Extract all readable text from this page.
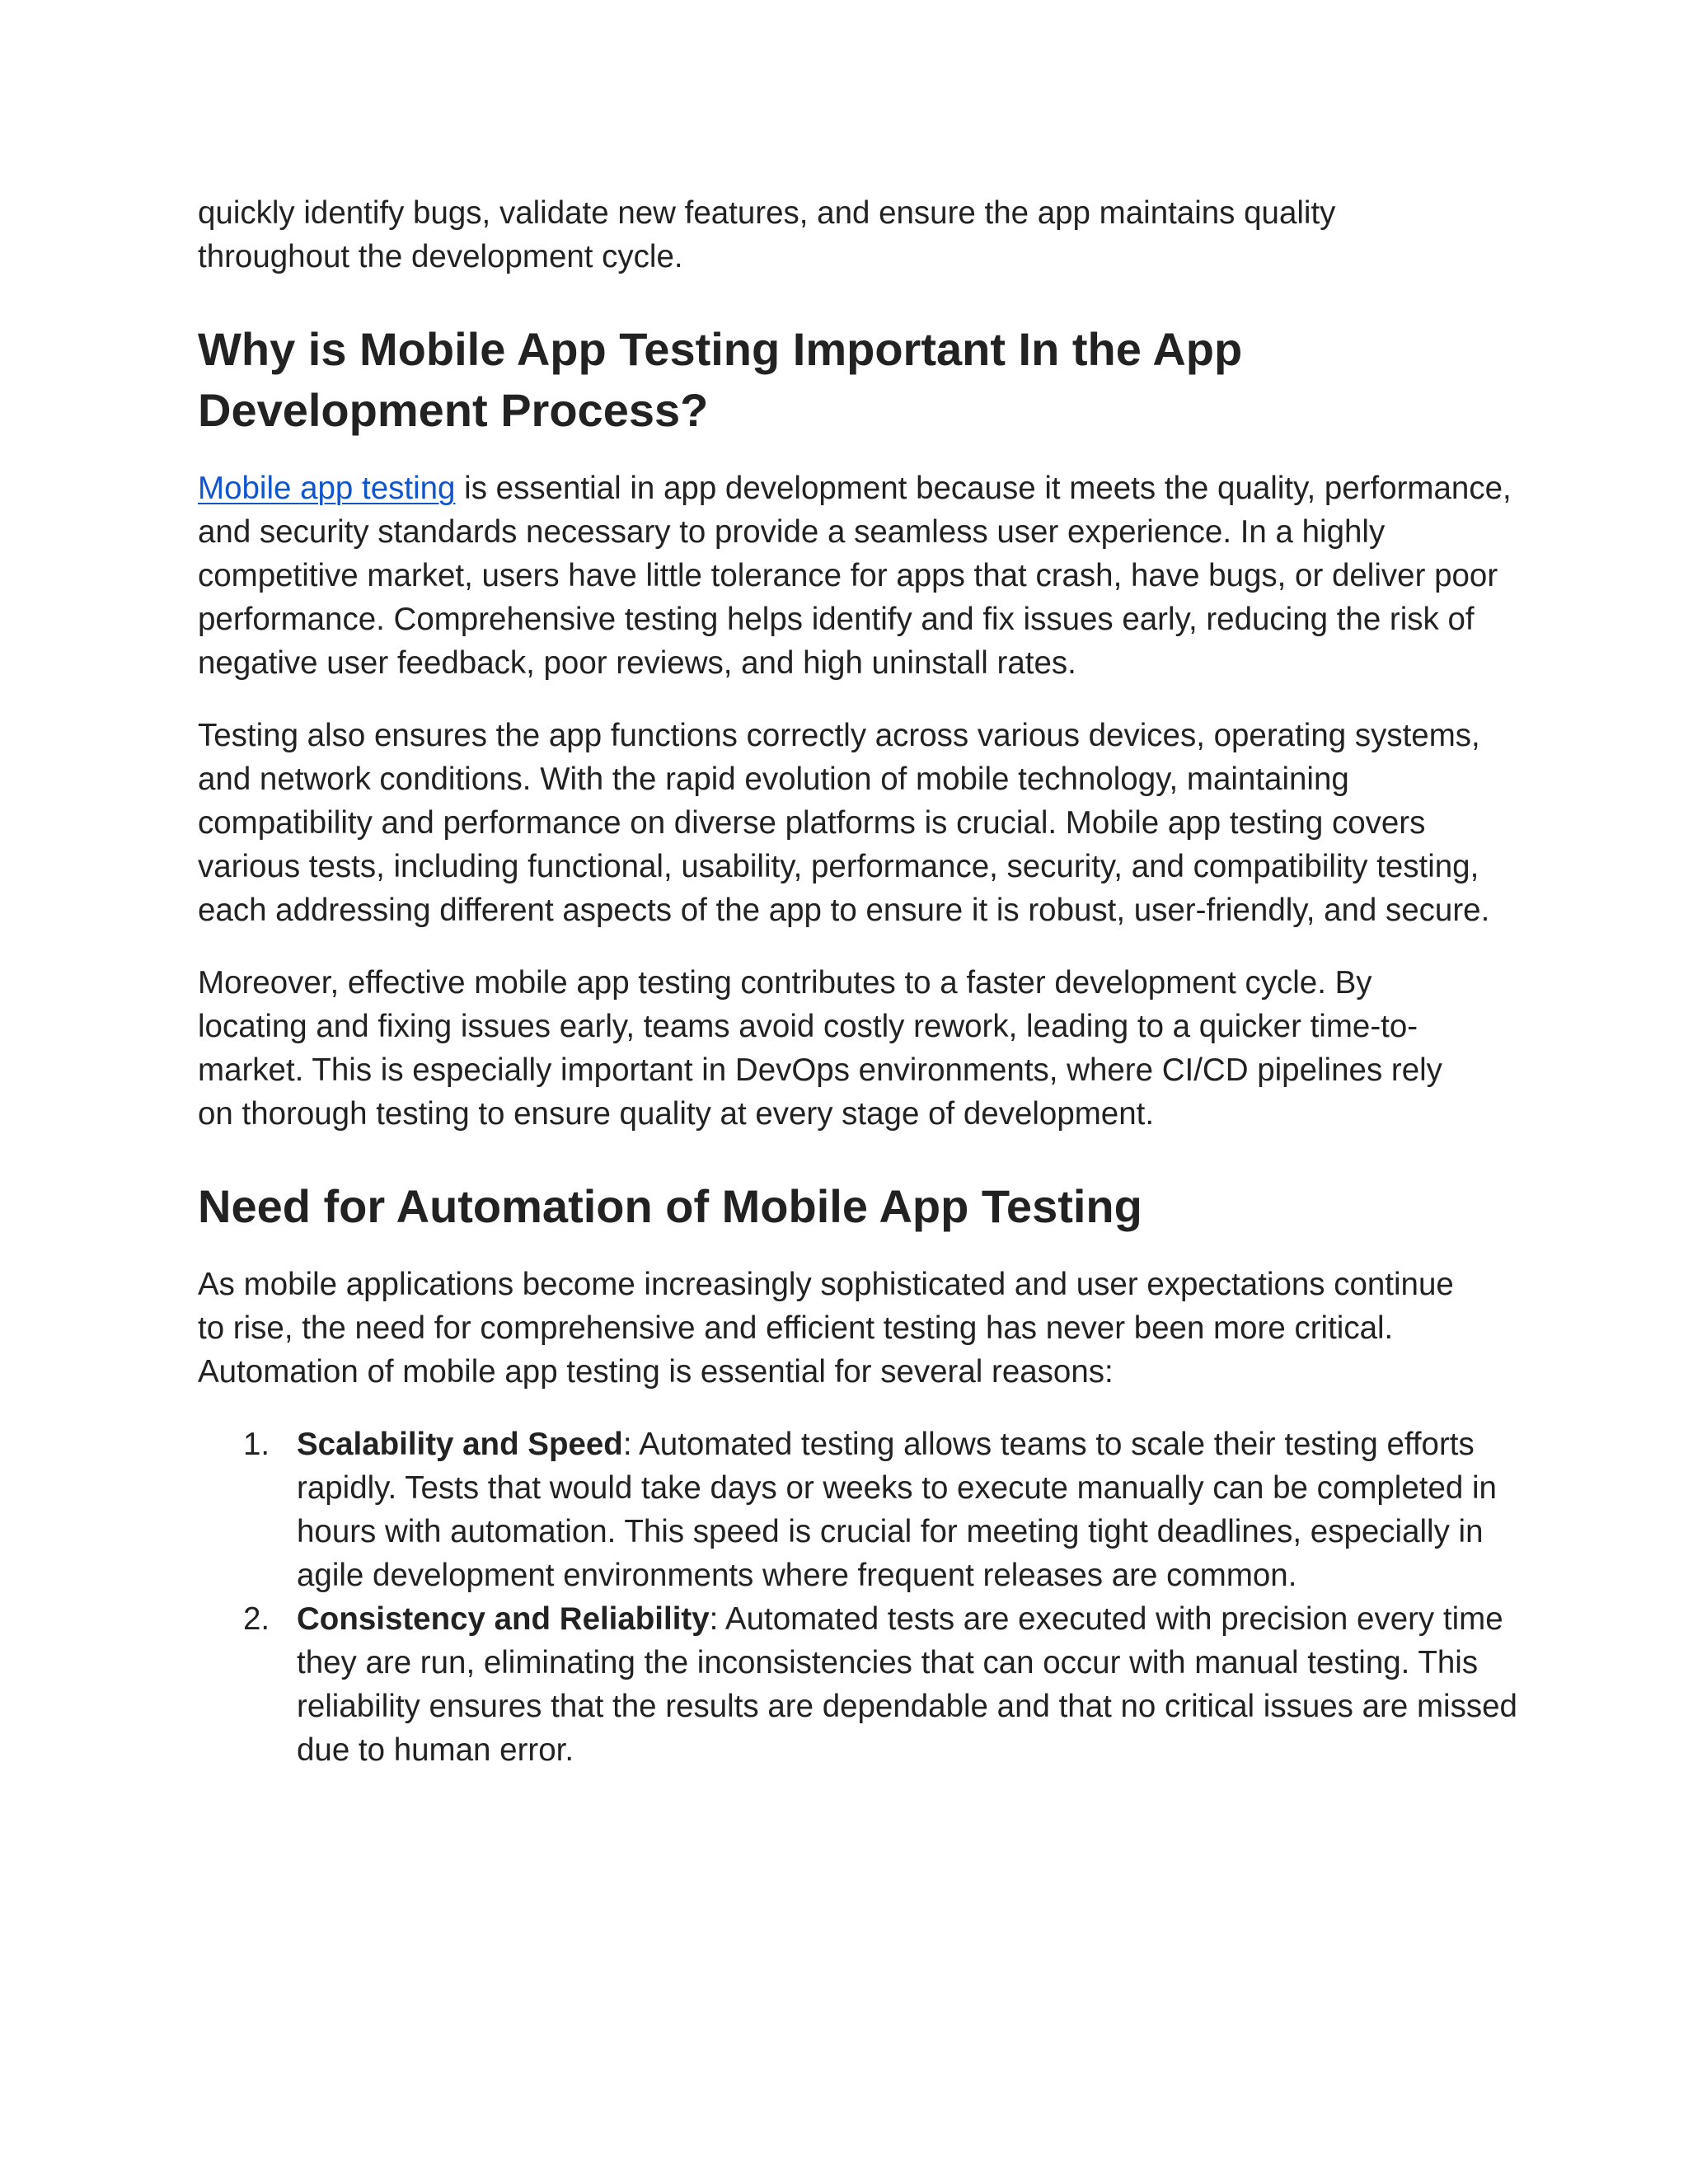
quickly identify bugs, validate new features, and ensure the app maintains quality throughout the development cycle.

Why is Mobile App Testing Important In the App Development Process?

Mobile app testing is essential in app development because it meets the quality, performance, and security standards necessary to provide a seamless user experience. In a highly competitive market, users have little tolerance for apps that crash, have bugs, or deliver poor performance. Comprehensive testing helps identify and fix issues early, reducing the risk of negative user feedback, poor reviews, and high uninstall rates.

Testing also ensures the app functions correctly across various devices, operating systems, and network conditions. With the rapid evolution of mobile technology, maintaining compatibility and performance on diverse platforms is crucial. Mobile app testing covers various tests, including functional, usability, performance, security, and compatibility testing, each addressing different aspects of the app to ensure it is robust, user-friendly, and secure.

Moreover, effective mobile app testing contributes to a faster development cycle. By locating and fixing issues early, teams avoid costly rework, leading to a quicker time-to-market. This is especially important in DevOps environments, where CI/CD pipelines rely on thorough testing to ensure quality at every stage of development.

Need for Automation of Mobile App Testing

As mobile applications become increasingly sophisticated and user expectations continue to rise, the need for comprehensive and efficient testing has never been more critical. Automation of mobile app testing is essential for several reasons:

1. Scalability and Speed: Automated testing allows teams to scale their testing efforts rapidly. Tests that would take days or weeks to execute manually can be completed in hours with automation. This speed is crucial for meeting tight deadlines, especially in agile development environments where frequent releases are common.
2. Consistency and Reliability: Automated tests are executed with precision every time they are run, eliminating the inconsistencies that can occur with manual testing. This reliability ensures that the results are dependable and that no critical issues are missed due to human error.
